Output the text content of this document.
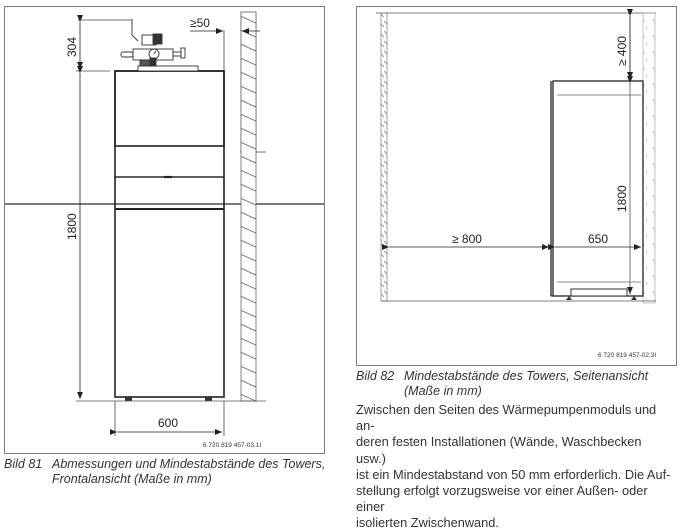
304
1800
≥50
600
6 720 819 457-03.1I
Bild 81 Abmessungen und Mindestabstände des Towers,
Frontalansicht (Maße in mm)
≥ 400
1800
≥ 800	650
6 720 819 457-02.3I
Bild 82 Mindestabstände des Towers, Seitenansicht
(Maße in mm)
Zwischen den Seiten des Wärmepumpenmoduls und an-
deren festen Installationen (Wände, Waschbecken usw.)
ist ein Mindestabstand von 50 mm erforderlich. Die Auf-
stellung erfolgt vorzugsweise vor einer Außen- oder einer
isolierten Zwischenwand.
